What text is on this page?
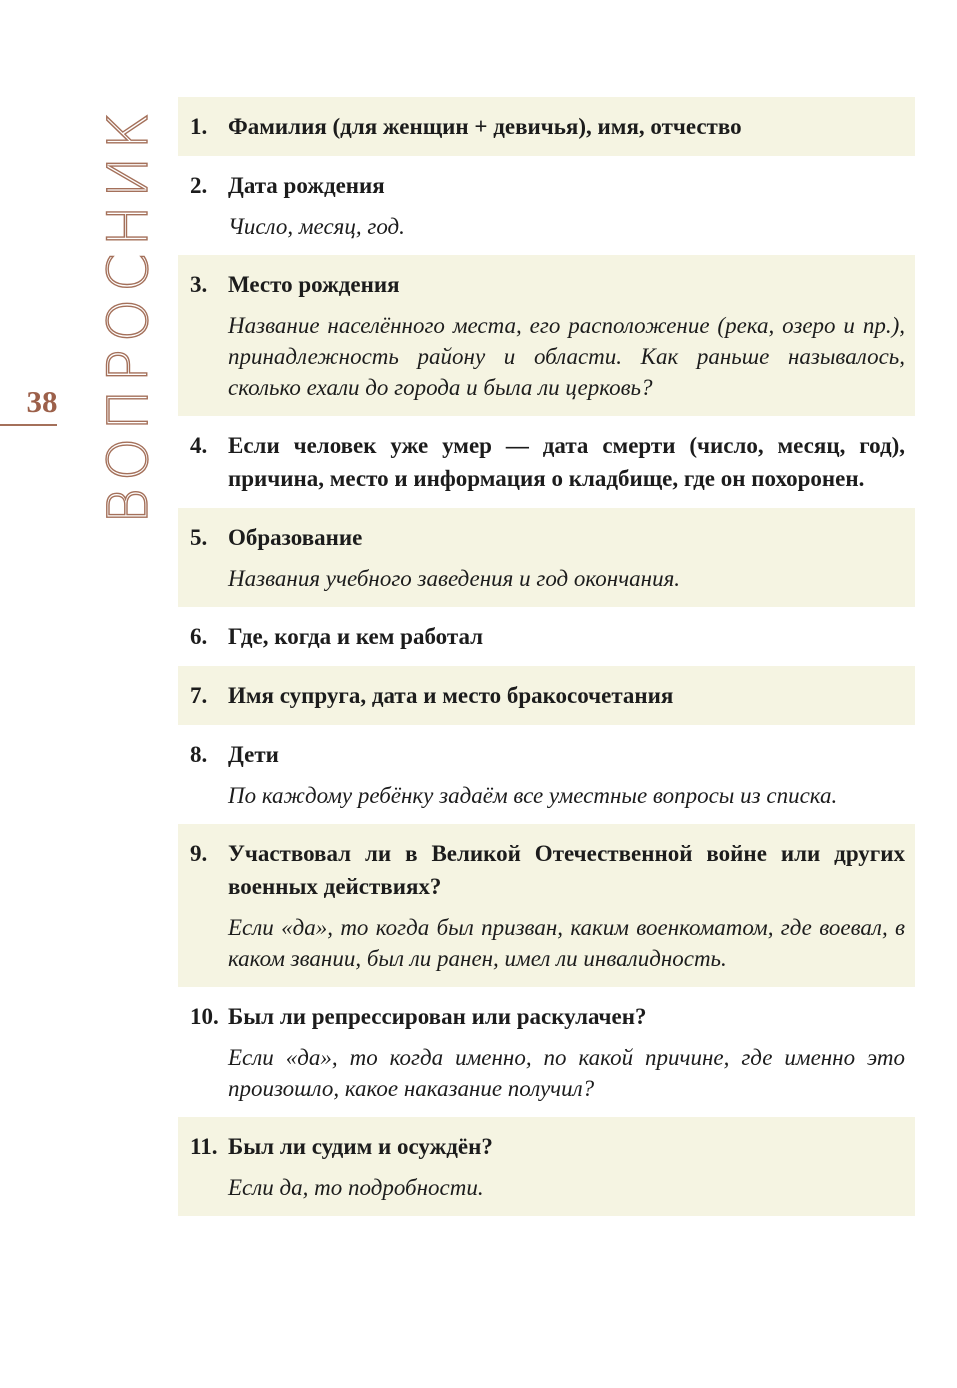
ВОПРОСНИК
38
1. Фамилия (для женщин + девичья), имя, отчество
2. Дата рождения
Число, месяц, год.
3. Место рождения
Название населённого места, его расположение (река, озеро и пр.), принадлежность району и области. Как раньше называлось, сколько ехали до города и была ли церковь?
4. Если человек уже умер — дата смерти (число, месяц, год), причина, место и информация о кладбище, где он похоронен.
5. Образование
Названия учебного заведения и год окончания.
6. Где, когда и кем работал
7. Имя супруга, дата и место бракосочетания
8. Дети
По каждому ребёнку задаём все уместные вопросы из списка.
9. Участвовал ли в Великой Отечественной войне или других военных действиях?
Если «да», то когда был призван, каким военкоматом, где воевал, в каком звании, был ли ранен, имел ли инвалидность.
10. Был ли репрессирован или раскулачен?
Если «да», то когда именно, по какой причине, где именно это произошло, какое наказание получил?
11. Был ли судим и осуждён?
Если да, то подробности.
